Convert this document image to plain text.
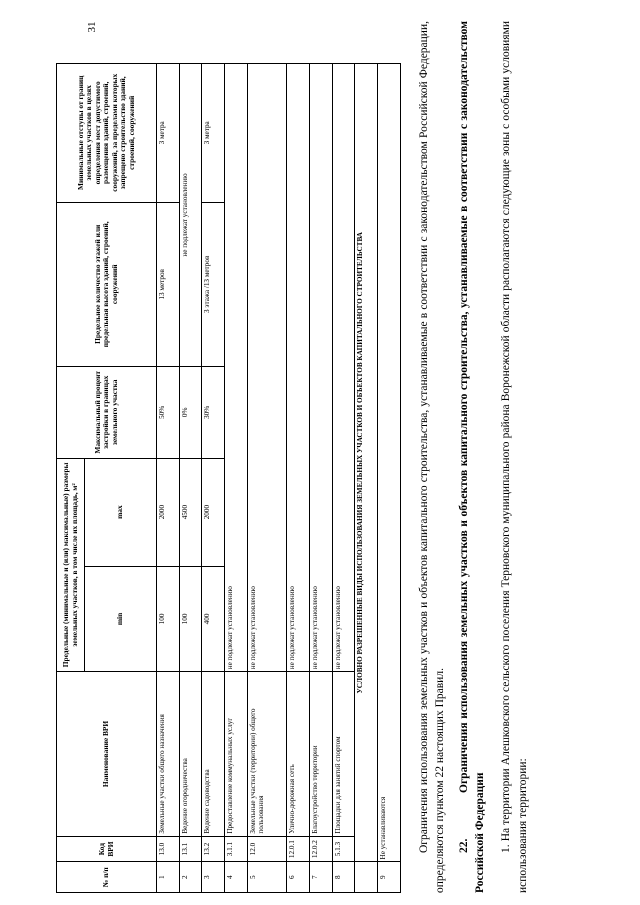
31
№ п/п	Код ВРИ	Наименование ВРИ	Предельные (минимальные и (или) максимальные) размеры земельных участков, в том числе их площадь, м²		Максимальный процент застройки в границах земельного участка	Предельное количество этажей или предельная высота зданий, строений, сооружений	Минимальные отступы от границ земельных участков в целях определения мест допустимого размещения зданий, строений, сооружений, за пределами которых запрещено строительство зданий, строений, сооружений
			min	max			
1	13.0	Земельные участки общего назначения	100	2000	50%	13 метров	3 метра
2	13.1	Ведение огородничества	100	4500	0%	не подлежат установлению	
3	13.2	Ведение садоводства	400	2000	30%	3 этажа /13 метров	3 метра
4	3.1.1	Предоставление коммунальных услуг	не подлежат установлению				
5	12.0	Земельные участки (территории) общего пользования	не подлежат установлению				
6	12.0.1	Улично-дорожная сеть	не подлежат установлению				
7	12.0.2	Благоустройство территории	не подлежат установлению				
8	5.1.3	Площадки для занятий спортом	не подлежат установлению				
	УСЛОВНО РАЗРЕШЕННЫЕ ВИДЫ ИСПОЛЬЗОВАНИЯ ЗЕМЕЛЬНЫХ УЧАСТКОВ И ОБЪЕКТОВ КАПИТАЛЬНОГО СТРОИТЕЛЬСТВА						
9	Не устанавливаются							Ограничения использования земельных участков и объектов капитального строительства, устанавливаемые в соответствии с законодательством Российской Федерации, определяются пунктом 22 настоящих Правил. 22.Ограничения использования земельных участков и объектов капитального строительства, устанавливаемые в соответствии с законодательством Российской Федерации 1. На территории Алешковского сельского поселения Терновского муниципального района Воронежской области располагаются следующие зоны с особыми условиями использования территории:
